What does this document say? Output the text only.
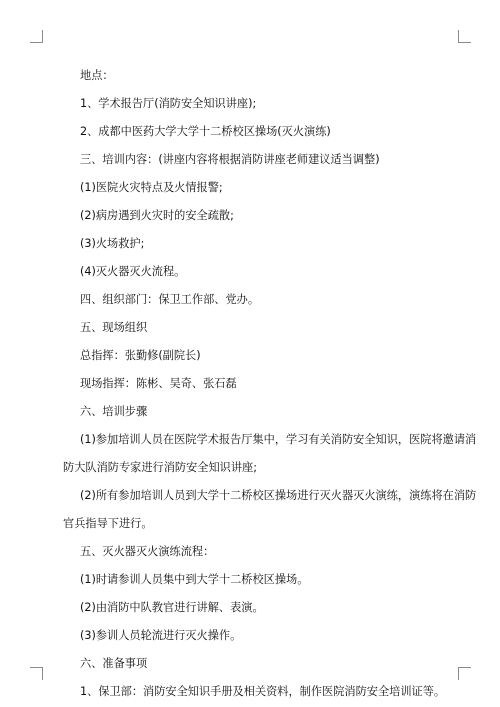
地点：
1、学术报告厅(消防安全知识讲座);
2、成都中医药大学大学十二桥校区操场(灭火演练)
三、培训内容：(讲座内容将根据消防讲座老师建议适当调整)
(1)医院火灾特点及火情报警;
(2)病房遇到火灾时的安全疏散;
(3)火场救护;
(4)灭火器灭火流程。
四、组织部门：保卫工作部、党办。
五、现场组织
总指挥：张勤修(副院长)
现场指挥：陈彬、吴奇、张石磊
六、培训步骤
(1)参加培训人员在医院学术报告厅集中，学习有关消防安全知识，医院将邀请消
防大队消防专家进行消防安全知识讲座;
(2)所有参加培训人员到大学十二桥校区操场进行灭火器灭火演练，演练将在消防
官兵指导下进行。
五、灭火器灭火演练流程：
(1)时请参训人员集中到大学十二桥校区操场。
(2)由消防中队教官进行讲解、表演。
(3)参训人员轮流进行灭火操作。
六、准备事项
1、保卫部：消防安全知识手册及相关资料，制作医院消防安全培训证等。
